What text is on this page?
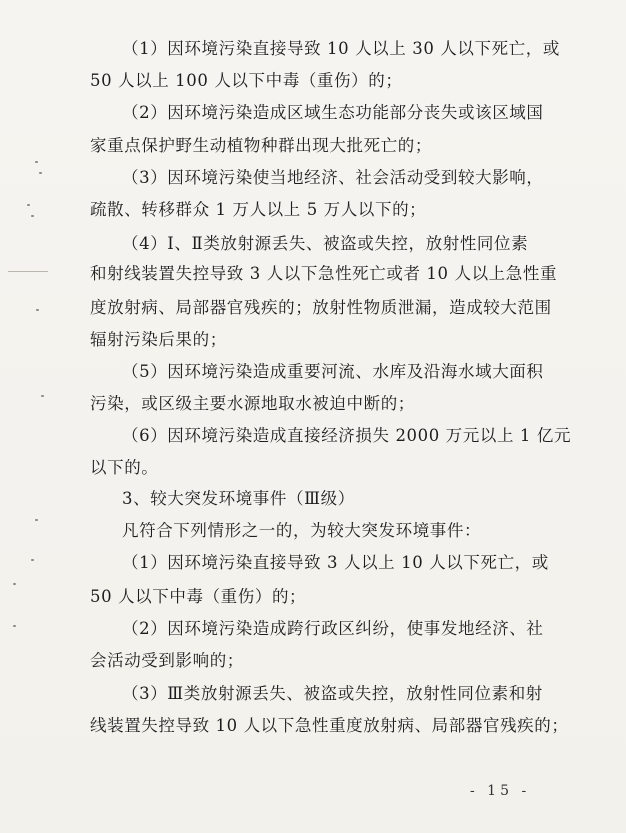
（1）因环境污染直接导致 10 人以上 30 人以下死亡，或
50 人以上 100 人以下中毒（重伤）的；
（2）因环境污染造成区域生态功能部分丧失或该区域国
家重点保护野生动植物种群出现大批死亡的；
（3）因环境污染使当地经济、社会活动受到较大影响，
疏散、转移群众 1 万人以上 5 万人以下的；
（4）Ⅰ、Ⅱ类放射源丢失、被盗或失控，放射性同位素
和射线装置失控导致 3 人以下急性死亡或者 10 人以上急性重
度放射病、局部器官残疾的；放射性物质泄漏，造成较大范围
辐射污染后果的；
（5）因环境污染造成重要河流、水库及沿海水域大面积
污染，或区级主要水源地取水被迫中断的；
（6）因环境污染造成直接经济损失 2000 万元以上 1 亿元
以下的。
3、较大突发环境事件（Ⅲ级）
凡符合下列情形之一的，为较大突发环境事件：
（1）因环境污染直接导致 3 人以上 10 人以下死亡，或
50 人以下中毒（重伤）的；
（2）因环境污染造成跨行政区纠纷，使事发地经济、社
会活动受到影响的；
（3）Ⅲ类放射源丢失、被盗或失控，放射性同位素和射
线装置失控导致 10 人以下急性重度放射病、局部器官残疾的；
- 15 -
